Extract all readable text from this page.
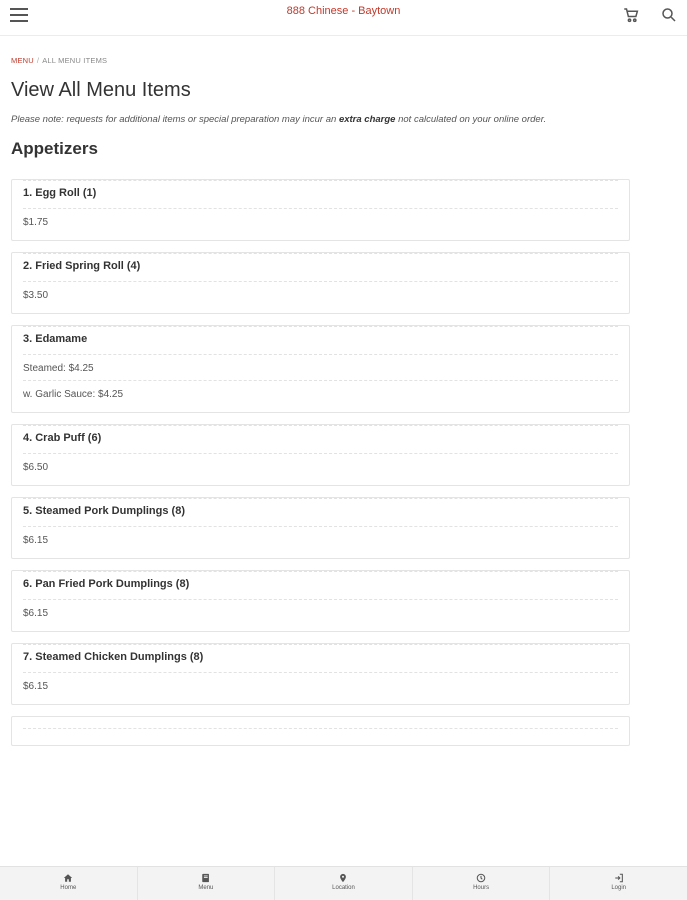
888 Chinese - Baytown
MENU / ALL MENU ITEMS
View All Menu Items
Please note: requests for additional items or special preparation may incur an extra charge not calculated on your online order.
Appetizers
1. Egg Roll (1)
$1.75
2. Fried Spring Roll (4)
$3.50
3. Edamame
Steamed: $4.25
w. Garlic Sauce: $4.25
4. Crab Puff (6)
$6.50
5. Steamed Pork Dumplings (8)
$6.15
6. Pan Fried Pork Dumplings (8)
$6.15
7. Steamed Chicken Dumplings (8)
$6.15
Home	Menu	Location	Hours	Login
